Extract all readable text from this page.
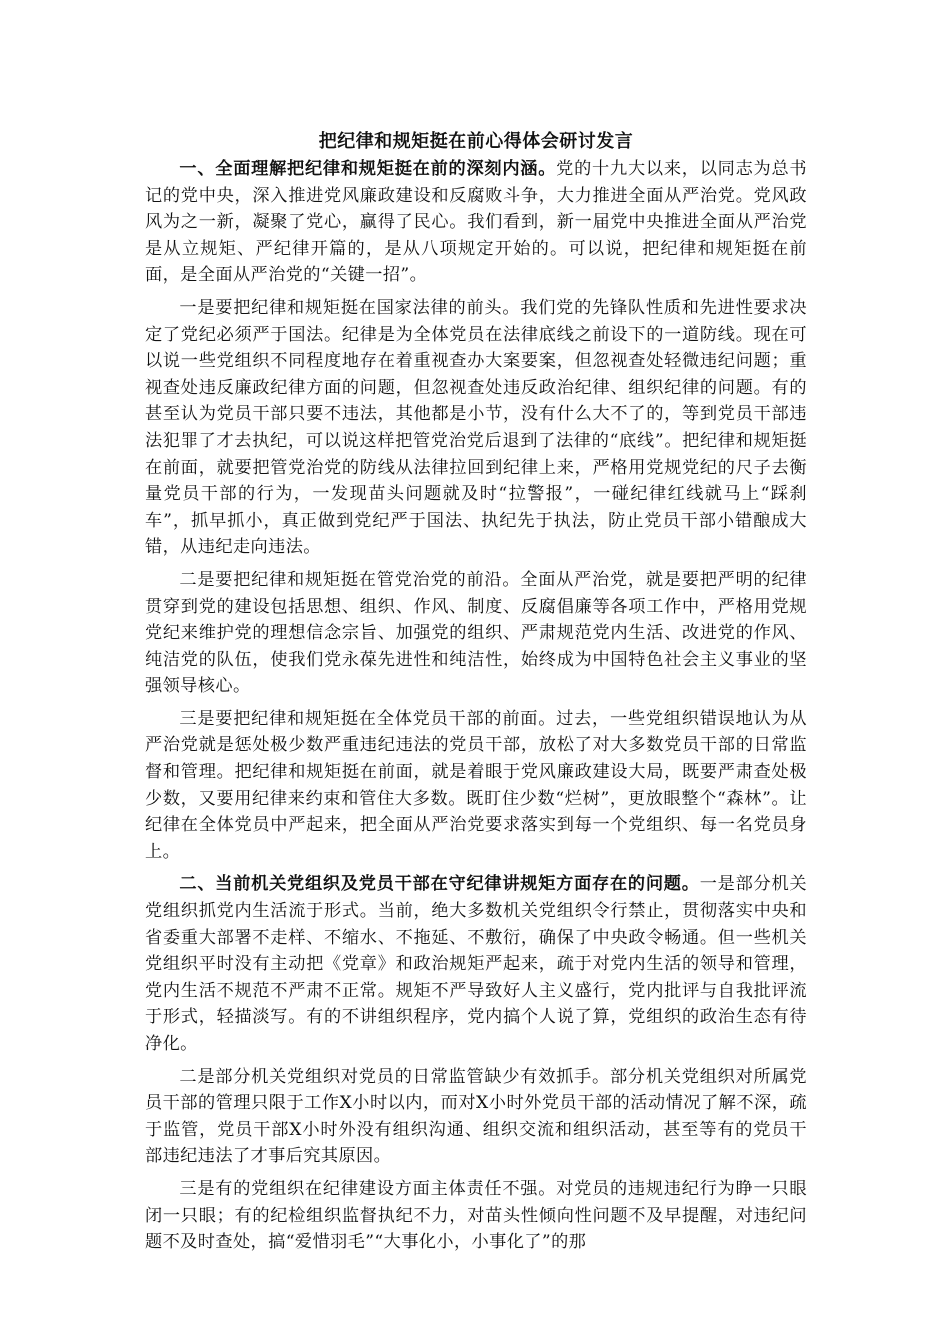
把纪律和规矩挺在前心得体会研讨发言

一、全面理解把纪律和规矩挺在前的深刻内涵。党的十九大以来，以同志为总书记的党中央，深入推进党风廉政建设和反腐败斗争，大力推进全面从严治党。党风政风为之一新，凝聚了党心，赢得了民心。我们看到，新一届党中央推进全面从严治党是从立规矩、严纪律开篇的，是从八项规定开始的。可以说，把纪律和规矩挺在前面，是全面从严治党的“关键一招”。

一是要把纪律和规矩挺在国家法律的前头。我们党的先锋队性质和先进性要求决定了党纪必须严于国法。纪律是为全体党员在法律底线之前设下的一道防线。现在可以说一些党组织不同程度地存在着重视查办大案要案，但忽视查处轻微违纪问题；重视查处违反廉政纪律方面的问题，但忽视查处违反政治纪律、组织纪律的问题。有的甚至认为党员干部只要不违法，其他都是小节，没有什么大不了的，等到党员干部违法犯罪了才去执纪，可以说这样把管党治党后退到了法律的“底线”。把纪律和规矩挺在前面，就要把管党治党的防线从法律拉回到纪律上来，严格用党规党纪的尺子去衡量党员干部的行为，一发现苗头问题就及时“拉警报”，一碰纪律红线就马上“踩刹车”，抓早抓小，真正做到党纪严于国法、执纪先于执法，防止党员干部小错酿成大错，从违纪走向违法。

二是要把纪律和规矩挺在管党治党的前沿。全面从严治党，就是要把严明的纪律贯穿到党的建设包括思想、组织、作风、制度、反腐倡廉等各项工作中，严格用党规党纪来维护党的理想信念宗旨、加强党的组织、严肃规范党内生活、改进党的作风、纯洁党的队伍，使我们党永葆先进性和纯洁性，始终成为中国特色社会主义事业的坚强领导核心。

三是要把纪律和规矩挺在全体党员干部的前面。过去，一些党组织错误地认为从严治党就是惩处极少数严重违纪违法的党员干部，放松了对大多数党员干部的日常监督和管理。把纪律和规矩挺在前面，就是着眼于党风廉政建设大局，既要严肃查处极少数，又要用纪律来约束和管住大多数。既盯住少数“烂树”，更放眼整个“森林”。让纪律在全体党员中严起来，把全面从严治党要求落实到每一个党组织、每一名党员身上。

二、当前机关党组织及党员干部在守纪律讲规矩方面存在的问题。一是部分机关党组织抓党内生活流于形式。当前，绝大多数机关党组织令行禁止，贯彻落实中央和省委重大部署不走样、不缩水、不拖延、不敷衍，确保了中央政令畅通。但一些机关党组织平时没有主动把《党章》和政治规矩严起来，疏于对党内生活的领导和管理，党内生活不规范不严肃不正常。规矩不严导致好人主义盛行，党内批评与自我批评流于形式，轻描淡写。有的不讲组织程序，党内搞个人说了算，党组织的政治生态有待净化。

二是部分机关党组织对党员的日常监管缺少有效抓手。部分机关党组织对所属党员干部的管理只限于工作X小时以内，而对X小时外党员干部的活动情况了解不深，疏于监管，党员干部X小时外没有组织沟通、组织交流和组织活动，甚至等有的党员干部违纪违法了才事后究其原因。

三是有的党组织在纪律建设方面主体责任不强。对党员的违规违纪行为睁一只眼闭一只眼；有的纪检组织监督执纪不力，对苗头性倾向性问题不及早提醒，对违纪问题不及时查处，搞“爱惜羽毛”“大事化小，小事化了”的那
